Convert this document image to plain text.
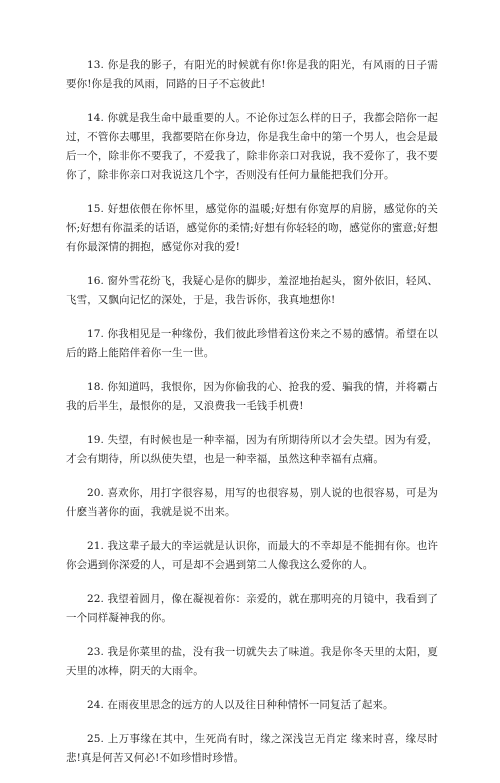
13. 你是我的影子，有阳光的时候就有你!你是我的阳光，有风雨的日子需要你!你是我的风雨，同路的日子不忘彼此!

14. 你就是我生命中最重要的人。不论你过怎么样的日子，我都会陪你一起过，不管你去哪里，我都要陪在你身边，你是我生命中的第一个男人，也会是最后一个，除非你不要我了，不爱我了，除非你亲口对我说，我不爱你了，我不要你了，除非你亲口对我说这几个字，否则没有任何力量能把我们分开。

15. 好想依偎在你怀里，感觉你的温暖;好想有你宽厚的肩膀，感觉你的关怀;好想有你温柔的话语，感觉你的柔情;好想有你轻轻的吻，感觉你的蜜意;好想有你最深情的拥抱，感觉你对我的爱!

16. 窗外雪花纷飞，我疑心是你的脚步，羞涩地抬起头，窗外依旧，轻风、飞雪，又飘向记忆的深处，于是，我告诉你，我真地想你!

17. 你我相见是一种缘份，我们彼此珍惜着这份来之不易的感情。希望在以后的路上能陪伴着你一生一世。

18. 你知道吗，我恨你，因为你偷我的心、抢我的爱、骗我的情，并将霸占我的后半生，最恨你的是，又浪费我一毛钱手机费!

19. 失望，有时候也是一种幸福，因为有所期待所以才会失望。因为有爱，才会有期待，所以纵使失望，也是一种幸福，虽然这种幸福有点痛。

20. 喜欢你，用打字很容易，用写的也很容易，别人说的也很容易，可是为什麽当著你的面，我就是说不出来。

21. 我这辈子最大的幸运就是认识你，而最大的不幸却是不能拥有你。也许你会遇到你深爱的人，可是却不会遇到第二人像我这么爱你的人。

22. 我望着圆月，像在凝视着你：亲爱的，就在那明亮的月镜中，我看到了一个同样凝神我的你。

23. 我是你菜里的盐，没有我一切就失去了味道。我是你冬天里的太阳，夏天里的冰棒，阴天的大雨伞。

24. 在雨夜里思念的远方的人以及往日种种情怀一同复活了起来。

25. 上万事缘在其中，生死尚有时，缘之深浅岂无肖定 缘来时喜，缘尽时悲!真是何苦又何必!不如珍惜时珍惜。
